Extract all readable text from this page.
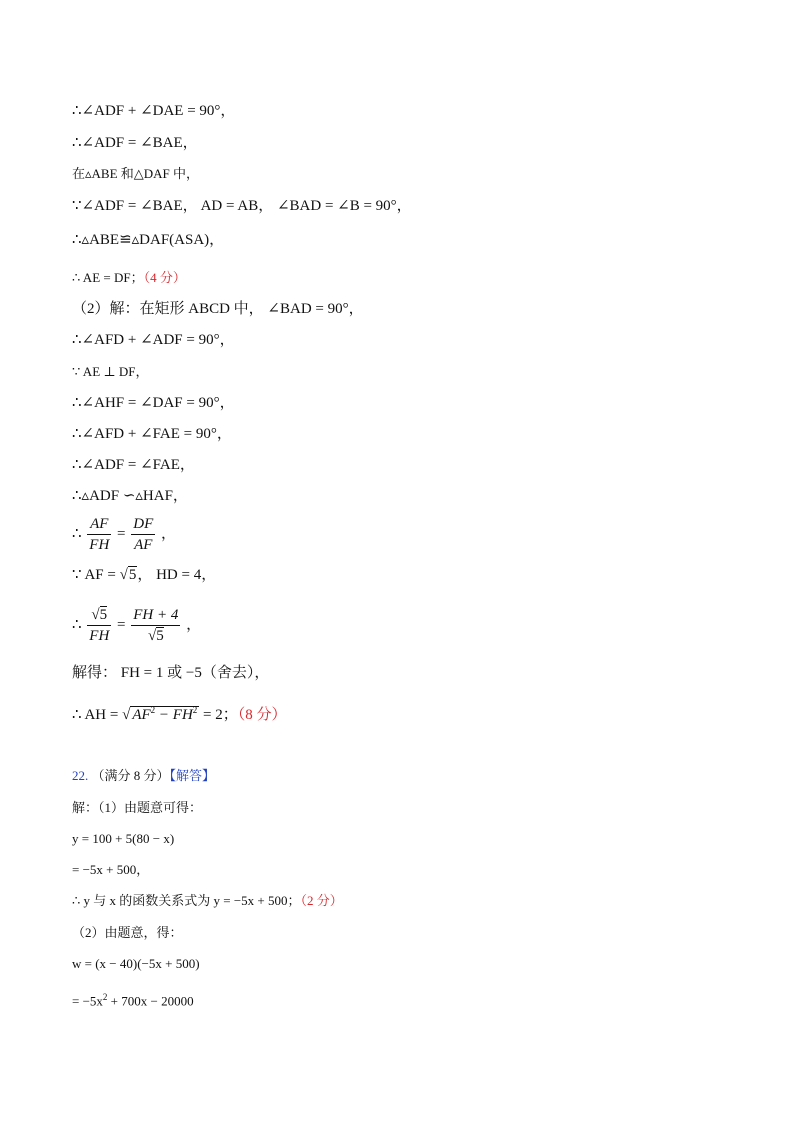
∴∠ADF + ∠DAE = 90°，
∴∠ADF = ∠BAE，
在▵ABE 和△DAF 中，
∵∠ADF = ∠BAE， AD = AB， ∠BAD = ∠B = 90°，
∴▵ABE≌▵DAF(ASA)，
∴ AE = DF；（4 分）
（2）解：在矩形 ABCD 中， ∠BAD = 90°，
∴∠AFD + ∠ADF = 90°，
∵ AE ⊥ DF，
∴∠AHF = ∠DAF = 90°，
∴∠AFD + ∠FAE = 90°，
∴∠ADF = ∠FAE，
∴▵ADF ∽▵HAF，
∴ $\frac{AF}{FH} = \frac{DF}{AF}$ ，
∵ AF = √5， HD = 4，
∴ $\frac{√5}{FH} = \frac{FH + 4}{√5}$ ，
解得： FH = 1 或 −5（舍去），
∴ AH = √ $AF^2 - FH^2 = 2$；（8 分）
22. （满分 8 分）【解答】
解：（1）由题意可得：
y = 100 + 5(80 − x)
= −5x + 500，
∴ y 与 x 的函数关系式为 y = −5x + 500；（2 分）
（2）由题意，得：
w = (x − 40)(−5x + 500)
= $-5x^2 + 700x - 20000$
